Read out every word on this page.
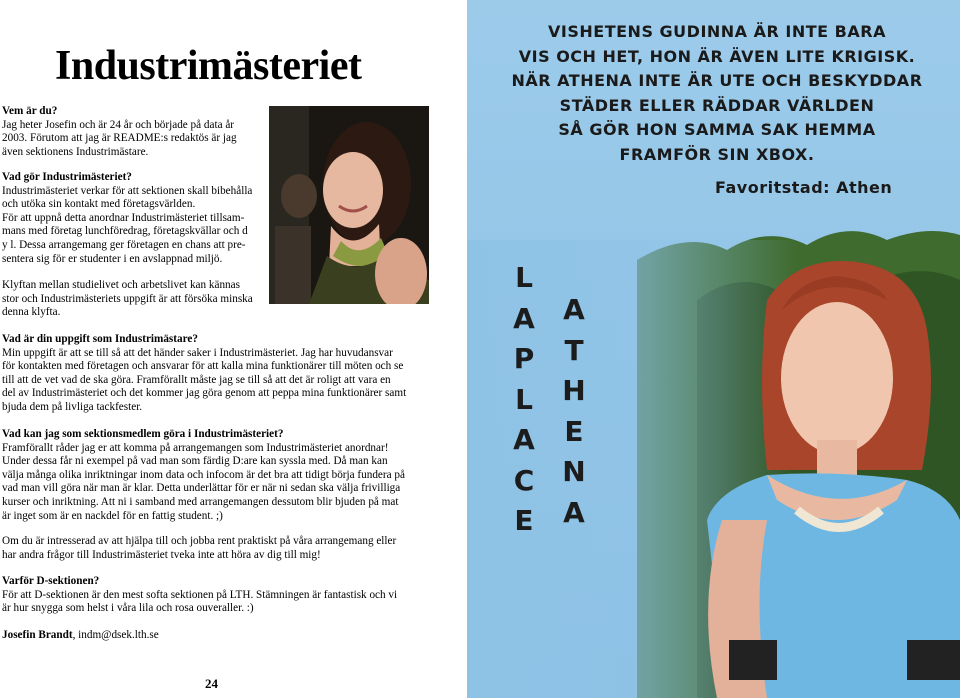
Industrimästeriet
Vem är du?
Jag heter Josefin och är 24 år och började på data år
2003. Förutom att jag är README:s redaktös är jag
även sektionens Industrimästare.
Vad gör Industrimästeriet?
Industrimästeriet verkar för att sektionen skall bibehålla
och utöka sin kontakt med företagsvärlden.
För att uppnå detta anordnar Industrimästeriet tillsam-
mans med företag lunchföredrag, företagskvällar och d
y l. Dessa arrangemang ger företagen en chans att pre-
sentera sig för er studenter i en avslappnad miljö.
Klyftan mellan studielivet och arbetslivet kan kännas
stor och Industrimästeriets uppgift är att försöka minska
denna klyfta.
Vad är din uppgift som Industrimästare?
Min uppgift är att se till så att det händer saker i Industrimästeriet. Jag har huvudansvar
för kontakten med företagen och ansvarar för att kalla mina funktionärer till möten och se
till att de vet vad de ska göra. Framförallt måste jag se till så att det är roligt att vara en
del av Industrimästeriet och det kommer jag göra genom att peppa mina funktionärer samt
bjuda dem på livliga tackfester.
Vad kan jag som sektionsmedlem göra i Industrimästeriet?
Framförallt råder jag er att komma på arrangemangen som Industrimästeriet anordnar!
Under dessa får ni exempel på vad man som färdig D:are kan syssla med. Då man kan
välja många olika inriktningar inom data och infocom är det bra att tidigt börja fundera på
vad man vill göra när man är klar. Detta underlättar för er när ni sedan ska välja frivilliga
kurser och inriktning. Att ni i samband med arrangemangen dessutom blir bjuden på mat
är inget som är en nackdel för en fattig student. ;)
Om du är intresserad av att hjälpa till och jobba rent praktiskt på våra arrangemang eller
har andra frågor till Industrimästeriet tveka inte att höra av dig till mig!
Varför D-sektionen?
För att D-sektionen är den mest softa sektionen på LTH. Stämningen är fantastisk och vi
är hur snygga som helst i våra lila och rosa ouveraller. :)
Josefin Brandt, indm@dsek.lth.se
24
VISHETENS GUDINNA ÄR INTE BARA
VIS OCH HET, HON ÄR ÄVEN LITE KRIGISK.
NÄR ATHENA INTE ÄR UTE OCH BESKYDDAR
STÄDER ELLER RÄDDAR VÄRLDEN
SÅ GÖR HON SAMMA SAK HEMMA
FRAMFÖR SIN XBOX.
Favoritstad: Athen
L
A
P
L
A
C
E
A
T
H
E
N
A
